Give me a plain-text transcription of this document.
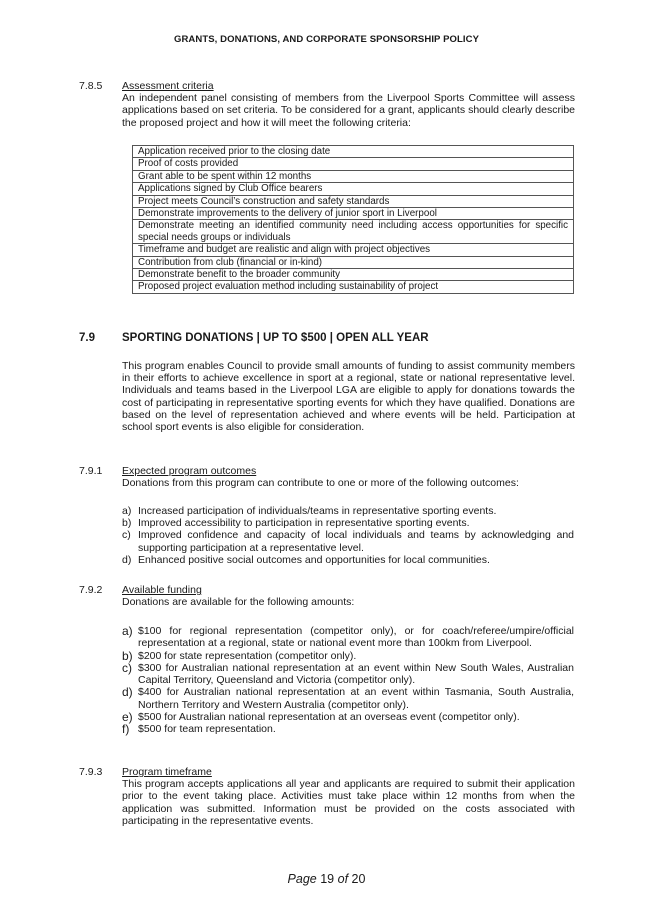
GRANTS, DONATIONS, AND CORPORATE SPONSORSHIP POLICY
7.8.5 Assessment criteria
An independent panel consisting of members from the Liverpool Sports Committee will assess applications based on set criteria. To be considered for a grant, applicants should clearly describe the proposed project and how it will meet the following criteria:
Application received prior to the closing date
Proof of costs provided
Grant able to be spent within 12 months
Applications signed by Club Office bearers
Project meets Council’s construction and safety standards
Demonstrate improvements to the delivery of junior sport in Liverpool
Demonstrate meeting an identified community need including access opportunities for specific special needs groups or individuals
Timeframe and budget are realistic and align with project objectives
Contribution from club (financial or in-kind)
Demonstrate benefit to the broader community
Proposed project evaluation method including sustainability of project
7.9 SPORTING DONATIONS | UP TO $500 | OPEN ALL YEAR
This program enables Council to provide small amounts of funding to assist community members in their efforts to achieve excellence in sport at a regional, state or national representative level. Individuals and teams based in the Liverpool LGA are eligible to apply for donations towards the cost of participating in representative sporting events for which they have qualified. Donations are based on the level of representation achieved and where events will be held. Participation at school sport events is also eligible for consideration.
7.9.1 Expected program outcomes
Donations from this program can contribute to one or more of the following outcomes:
a) Increased participation of individuals/teams in representative sporting events.
b) Improved accessibility to participation in representative sporting events.
c) Improved confidence and capacity of local individuals and teams by acknowledging and supporting participation at a representative level.
d) Enhanced positive social outcomes and opportunities for local communities.
7.9.2 Available funding
Donations are available for the following amounts:
a) $100 for regional representation (competitor only), or for coach/referee/umpire/official representation at a regional, state or national event more than 100km from Liverpool.
b) $200 for state representation (competitor only).
c) $300 for Australian national representation at an event within New South Wales, Australian Capital Territory, Queensland and Victoria (competitor only).
d) $400 for Australian national representation at an event within Tasmania, South Australia, Northern Territory and Western Australia (competitor only).
e) $500 for Australian national representation at an overseas event (competitor only).
f) $500 for team representation.
7.9.3 Program timeframe
This program accepts applications all year and applicants are required to submit their application prior to the event taking place. Activities must take place within 12 months from when the application was submitted. Information must be provided on the costs associated with participating in the representative events.
Page 19 of 20
